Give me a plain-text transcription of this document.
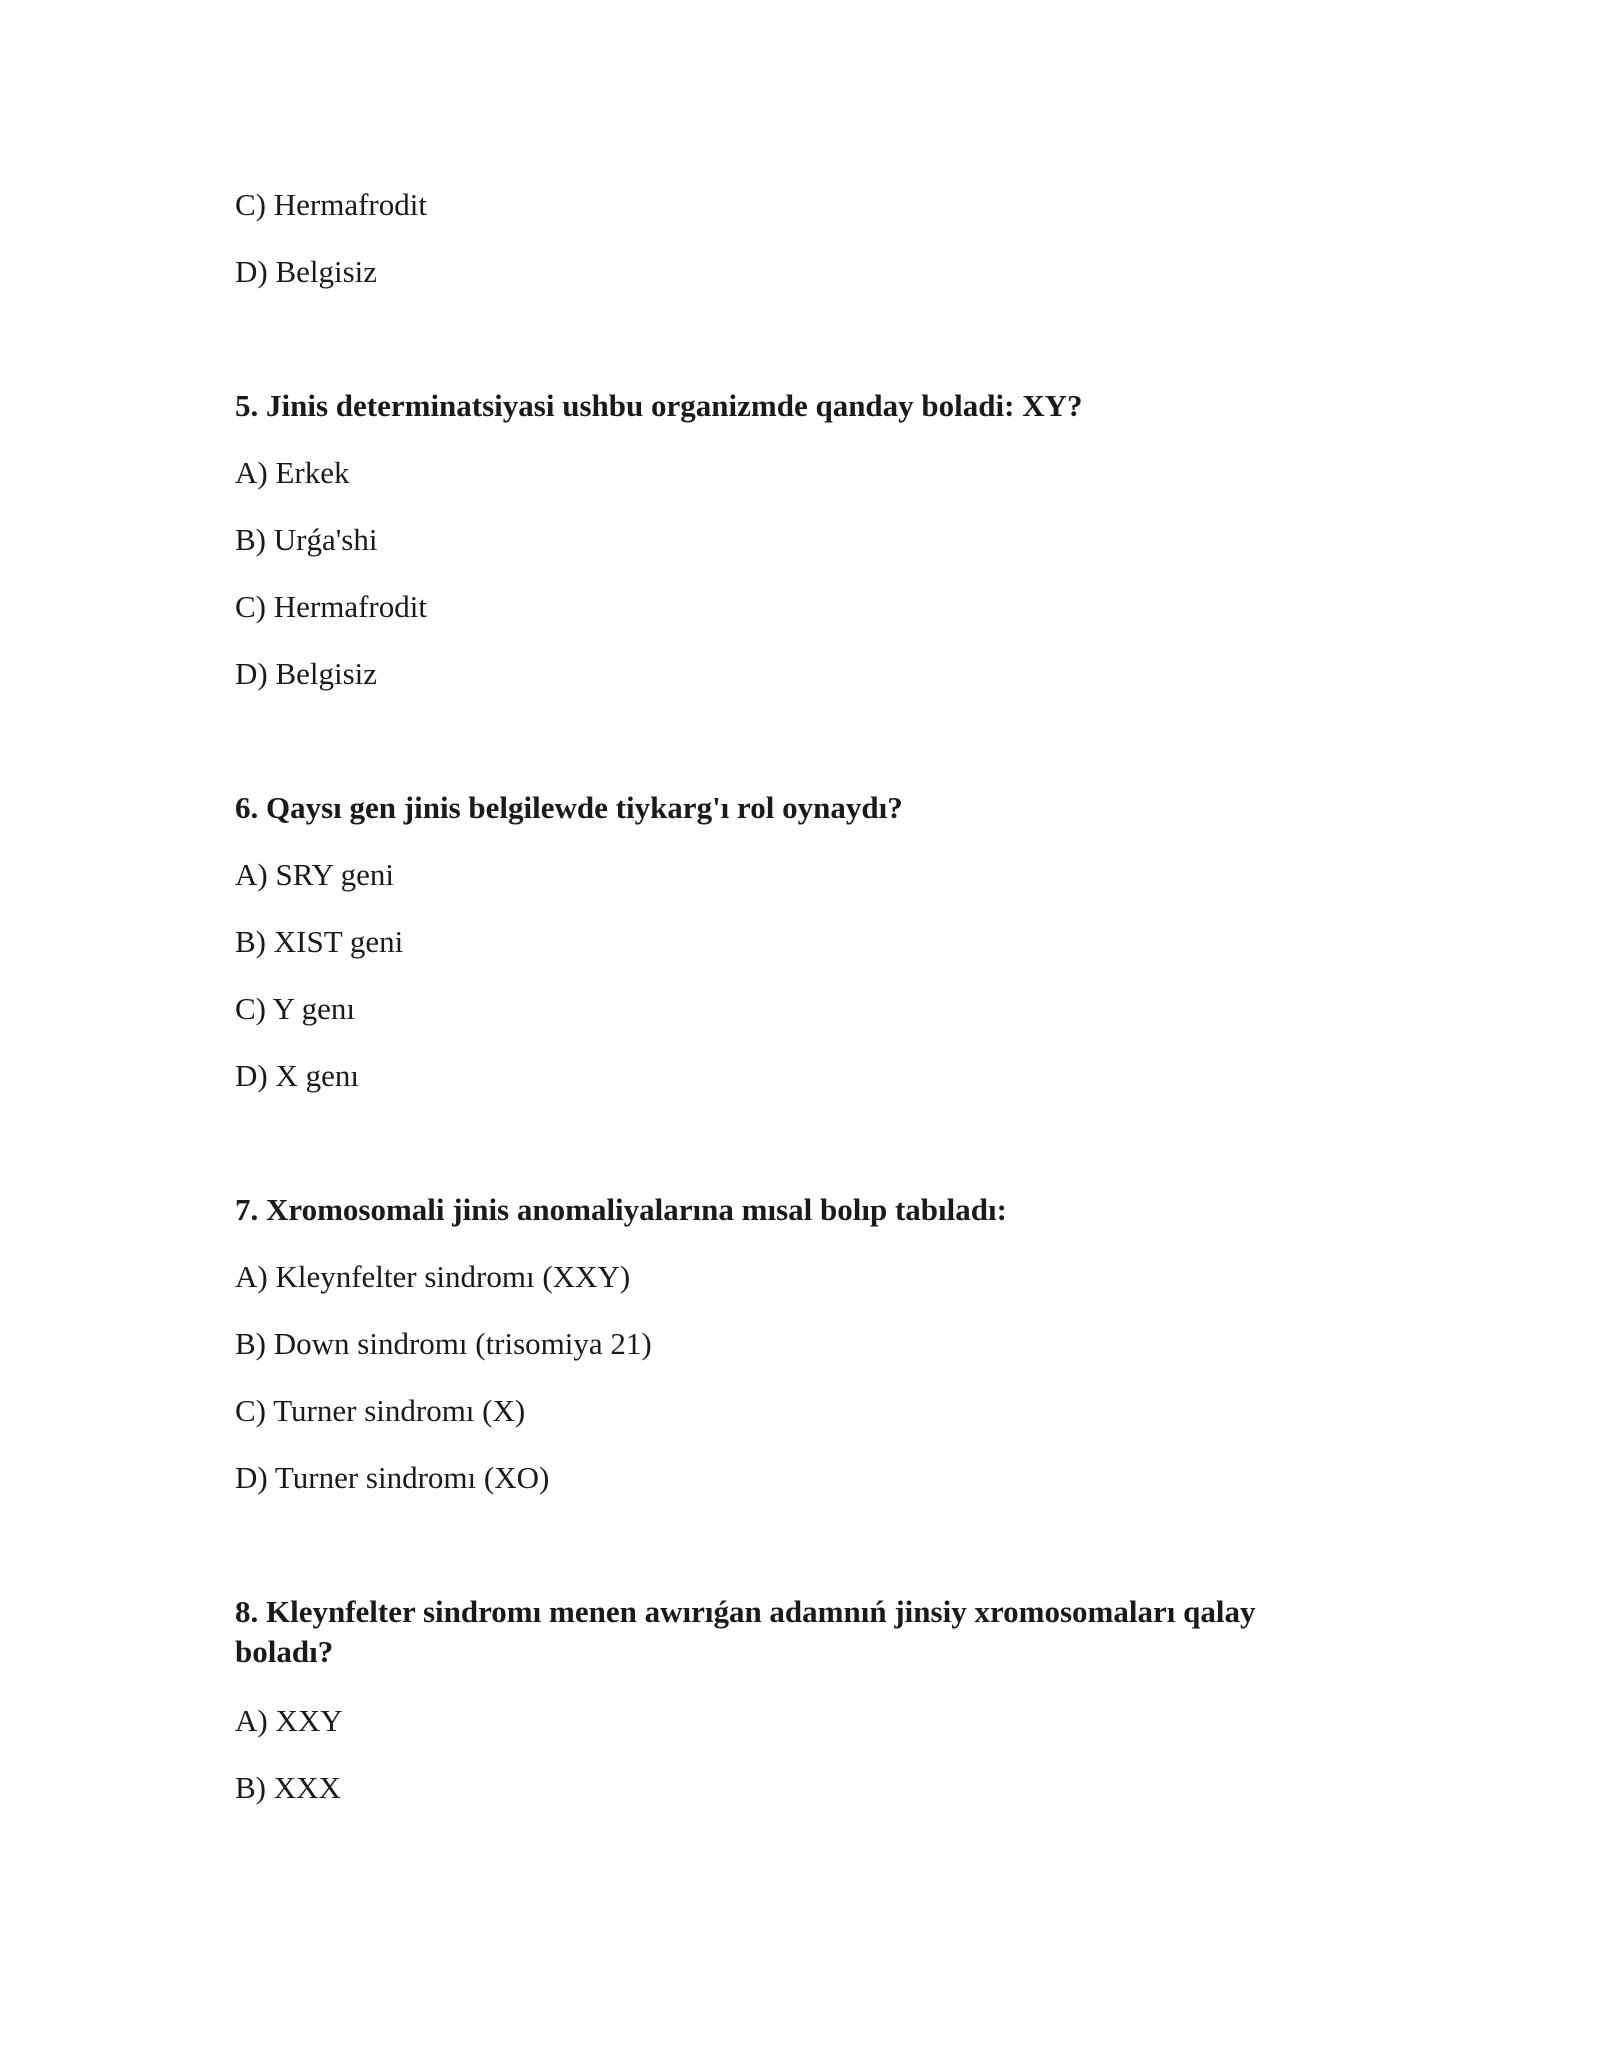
C) Hermafrodit
D) Belgisiz
5. Jinis determinatsiyasi ushbu organizmde qanday boladi: XY?
A) Erkek
B) Urǵa'shi
C) Hermafrodit
D) Belgisiz
6. Qaysı gen jinis belgilewde tiykarg'ı rol oynaydı?
A) SRY geni
B) XIST geni
C) Y genı
D) X genı
7. Xromosomali jinis anomaliyalarına mısal bolıp tabıladı:
A) Kleynfelter sindromı (XXY)
B) Down sindromı (trisomiya 21)
C) Turner sindromı (X)
D) Turner sindromı (XO)
8. Kleynfelter sindromı menen awırıǵan adamnıń jinsiy xromosomaları qalay boladı?
A) XXY
B) XXX
